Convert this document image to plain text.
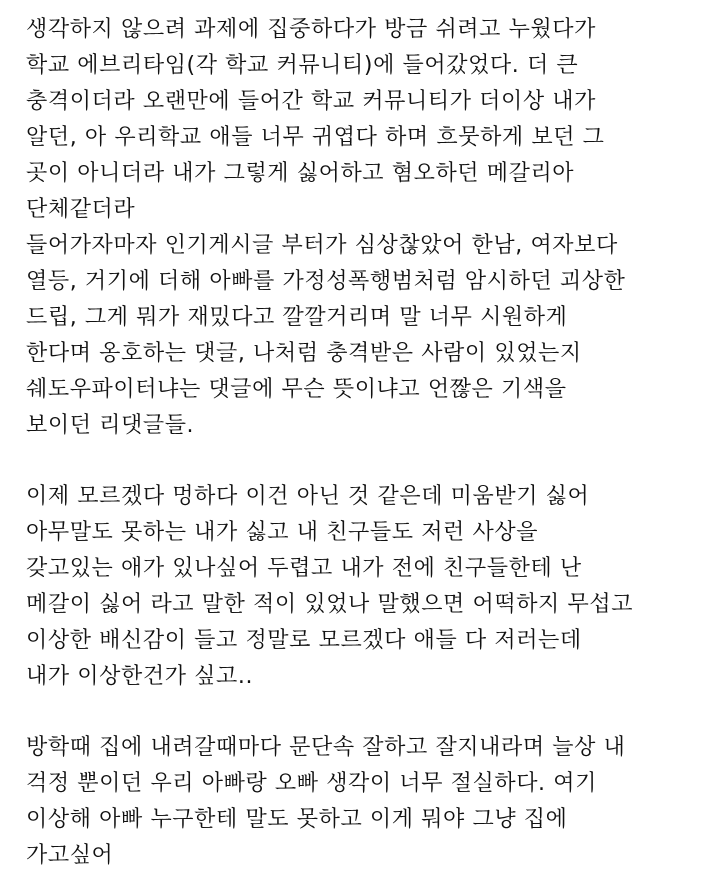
생각하지 않으려 과제에 집중하다가 방금 쉬려고 누웠다가
학교 에브리타임(각 학교 커뮤니티)에 들어갔었다. 더 큰
충격이더라 오랜만에 들어간 학교 커뮤니티가 더이상 내가
알던, 아 우리학교 애들 너무 귀엽다 하며 흐뭇하게 보던 그
곳이 아니더라 내가 그렇게 싫어하고 혐오하던 메갈리아
단체같더라
들어가자마자 인기게시글 부터가 심상찮았어 한남, 여자보다
열등, 거기에 더해 아빠를 가정성폭행범처럼 암시하던 괴상한
드립, 그게 뭐가 재밌다고 깔깔거리며 말 너무 시원하게
한다며 옹호하는 댓글, 나처럼 충격받은 사람이 있었는지
쉐도우파이터냐는 댓글에 무슨 뜻이냐고 언짢은 기색을
보이던 리댓글들.
이제 모르겠다 멍하다 이건 아닌 것 같은데 미움받기 싫어
아무말도 못하는 내가 싫고 내 친구들도 저런 사상을
갖고있는 애가 있나싶어 두렵고 내가 전에 친구들한테 난
메갈이 싫어 라고 말한 적이 있었나 말했으면 어떡하지 무섭고
이상한 배신감이 들고 정말로 모르겠다 애들 다 저러는데
내가 이상한건가 싶고..
방학때 집에 내려갈때마다 문단속 잘하고 잘지내라며 늘상 내
걱정 뿐이던 우리 아빠랑 오빠 생각이 너무 절실하다. 여기
이상해 아빠 누구한테 말도 못하고 이게 뭐야 그냥 집에
가고싶어
